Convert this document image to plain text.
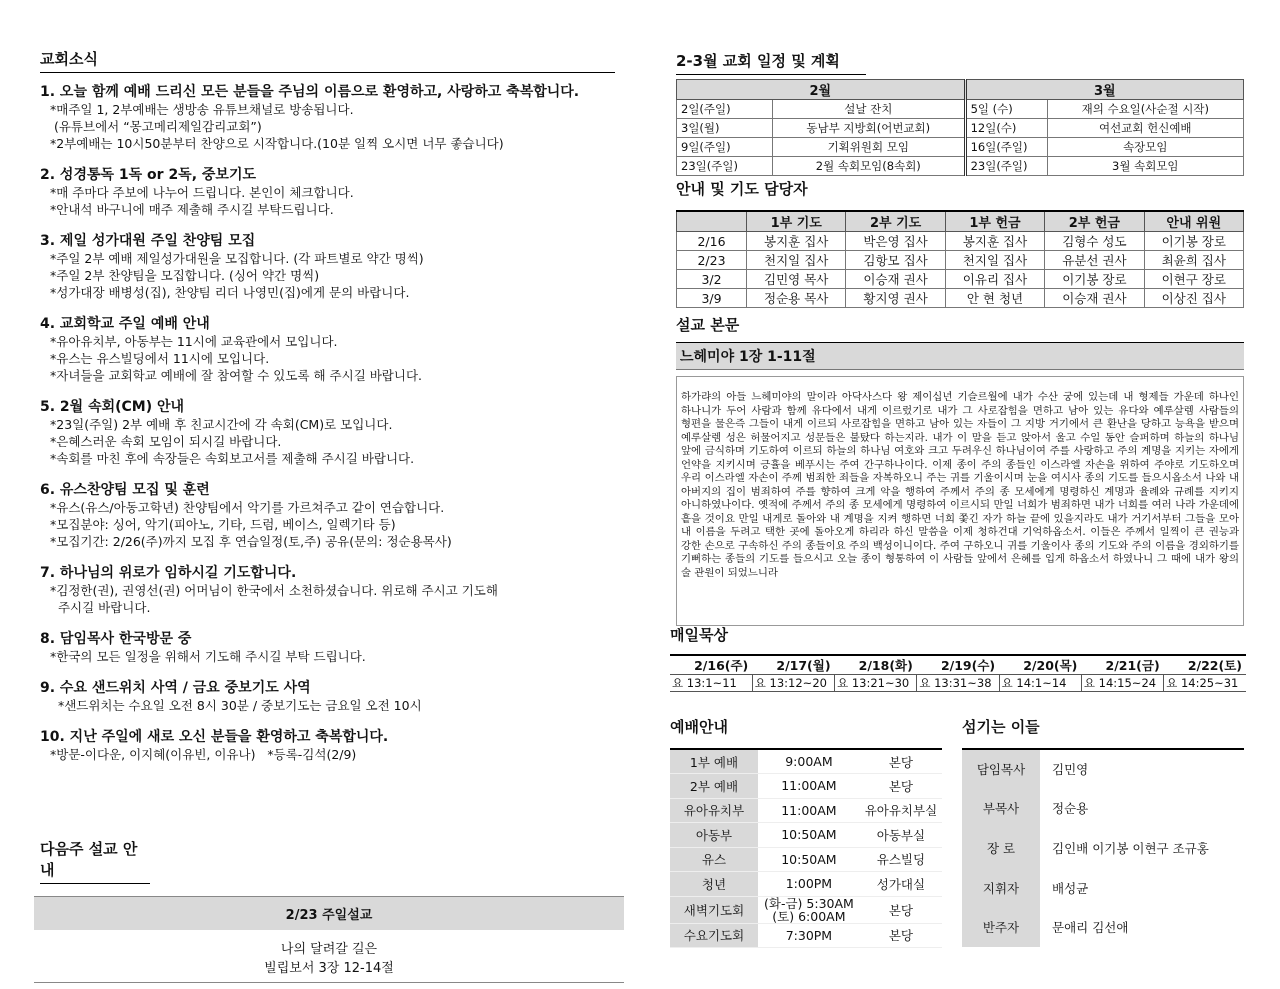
교회소식
1. 오늘 함께 예배 드리신 모든 분들을 주님의 이름으로 환영하고, 사랑하고 축복합니다.
*매주일 1, 2부예배는 생방송 유튜브채널로 방송됩니다.
(유튜브에서 “몽고메리제일감리교회”)
*2부예배는 10시50분부터 찬양으로 시작합니다.(10분 일찍 오시면 너무 좋습니다)
2. 성경통독 1독 or 2독, 중보기도
*매 주마다 주보에 나누어 드립니다. 본인이 체크합니다.
*안내석 바구니에 매주 제출해 주시길 부탁드립니다.
3. 제일 성가대원 주일 찬양팀 모집
*주일 2부 예배 제일성가대원을 모집합니다. (각 파트별로 약간 명씩)
*주일 2부 찬양팀을 모집합니다. (싱어 약간 명씩)
*성가대장 배병성(집), 찬양팀 리더 나영민(집)에게 문의 바랍니다.
4. 교회학교 주일 예배 안내
*유아유치부, 아동부는 11시에 교육관에서 모입니다.
*유스는 유스빌딩에서 11시에 모입니다.
*자녀들을 교회학교 예배에 잘 참여할 수 있도록 해 주시길 바랍니다.
5. 2월 속회(CM) 안내
*23일(주일) 2부 예배 후 친교시간에 각 속회(CM)로 모입니다.
*은혜스러운 속회 모임이 되시길 바랍니다.
*속회를 마친 후에 속장들은 속회보고서를 제출해 주시길 바랍니다.
6. 유스찬양팀 모집 및 훈련
*유스(유스/아동고학년) 찬양팀에서 악기를 가르쳐주고 같이 연습합니다.
*모집분야: 싱어, 악기(피아노, 기타, 드럼, 베이스, 일렉기타 등)
*모집기간: 2/26(주)까지 모집 후 연습일정(토,주) 공유(문의: 정순용목사)
7. 하나님의 위로가 임하시길 기도합니다.
*김정한(권), 권영선(권) 어머님이 한국에서 소천하셨습니다. 위로해 주시고 기도해
주시길 바랍니다.
8. 담임목사 한국방문 중
*한국의 모든 일정을 위해서 기도해 주시길 부탁 드립니다.
9. 수요 샌드위치 사역 / 금요 중보기도 사역
*샌드위치는 수요일 오전 8시 30분 / 중보기도는 금요일 오전 10시
10. 지난 주일에 새로 오신 분들을 환영하고 축복합니다.
*방문-이다운, 이지혜(이유빈, 이유나)   *등록-김석(2/9)
다음주 설교 안내
2/23 주일설교
나의 달려갈 길은
빌립보서 3장 12-14절
2-3월 교회 일정 및 계획
2월		3월	
2일(주일)	설날 잔치	5일 (수)	재의 수요일(사순절 시작)
3일(월)	동남부 지방회(어번교회)	12일(수)	여선교회 헌신예배
9일(주일)	기획위원회 모임	16일(주일)	속장모임
23일(주일)	2월 속회모임(8속회)	23일(주일)	3월 속회모임
안내 및 기도 담당자
	1부 기도	2부 기도	1부 헌금	2부 헌금	안내 위원
2/16	봉지훈 집사	박은영 집사	봉지훈 집사	김형수 성도	이기봉 장로
2/23	천지일 집사	김항모 집사	천지일 집사	유분선 권사	최윤희 집사
3/2	김민영 목사	이승재 권사	이유리 집사	이기봉 장로	이현구 장로
3/9	정순용 목사	황지영 권사	안 현 청년	이승재 권사	이상진 집사
설교 본문
느헤미야 1장 1-11절

하가랴의 아들 느헤미야의 말이라 아닥사스다 왕 제이십년 기슬르월에 내가 수산 궁에 있는데 내 형제들 가운데 하나인 하나니가 두어 사람과 함께 유다에서 내게 이르렀기로 내가 그 사로잡힘을 면하고 남아 있는 유다와 예루살렘 사람들의 형편을 물은즉 그들이 내게 이르되 사로잡힘을 면하고 남아 있는 자들이 그 지방 거기에서 큰 환난을 당하고 능욕을 받으며 예루살렘 성은 허물어지고 성문들은 불탔다 하는지라. 내가 이 말을 듣고 앉아서 울고 수일 동안 슬퍼하며 하늘의 하나님 앞에 금식하며 기도하여 이르되 하늘의 하나님 여호와 크고 두려우신 하나님이여 주를 사랑하고 주의 계명을 지키는 자에게 언약을 지키시며 긍휼을 베푸시는 주여 간구하나이다. 이제 종이 주의 종들인 이스라엘 자손을 위하여 주야로 기도하오며 우리 이스라엘 자손이 주께 범죄한 죄들을 자복하오니 주는 귀를 기울이시며 눈을 여시사 종의 기도를 들으시옵소서 나와 내 아버지의 집이 범죄하여 주를 향하여 크게 악을 행하여 주께서 주의 종 모세에게 명령하신 계명과 율례와 규례를 지키지 아니하였나이다. 옛적에 주께서 주의 종 모세에게 명령하여 이르시되 만일 너희가 범죄하면 내가 너희를 여러 나라 가운데에 흩을 것이요 만일 내게로 돌아와 내 계명을 지켜 행하면 너희 쫓긴 자가 하늘 끝에 있을지라도 내가 거기서부터 그들을 모아 내 이름을 두려고 택한 곳에 돌아오게 하리라 하신 말씀을 이제 청하건대 기억하옵소서. 이들은 주께서 일찍이 큰 권능과 강한 손으로 구속하신 주의 종들이요 주의 백성이니이다. 주여 구하오니 귀를 기울이사 종의 기도와 주의 이름을 경외하기를 기뻐하는 종들의 기도를 들으시고 오늘 종이 형통하여 이 사람들 앞에서 은혜를 입게 하옵소서 하였나니 그 때에 내가 왕의 술 관원이 되었느니라

매일묵상
2/16(주)	2/17(월)	2/18(화)	2/19(수)	2/20(목)	2/21(금)	2/22(토)
요 13:1~11	요 13:12~20	요 13:21~30	요 13:31~38	요 14:1~14	요 14:15~24	요 14:25~31
예배안내
1부 예배	9:00AM	본당
2부 예배	11:00AM	본당
유아유치부	11:00AM	유아유치부실
아동부	10:50AM	아동부실
유스	10:50AM	유스빌딩
청년	1:00PM	성가대실
새벽기도회	(화-금) 5:30AM
(토) 6:00AM	본당
수요기도회	7:30PM	본당
섬기는 이들
담임목사	김민영
부목사	정순용
장 로	김인배 이기봉 이현구 조규홍
지휘자	배성균
반주자	문애리 김선애
